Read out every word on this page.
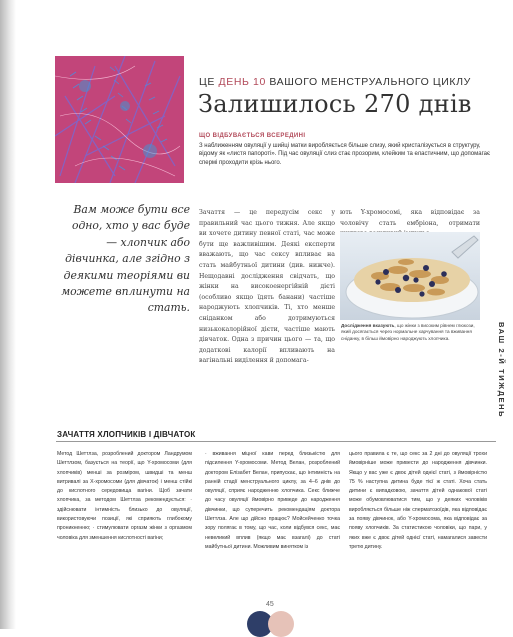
ЦЕ ДЕНЬ 10 ВАШОГО МЕНСТРУАЛЬНОГО ЦИКЛУ
Залишилось 270 днів
ЩО ВІДБУВАЄТЬСЯ ВСЕРЕДИНІ
З наближенням овуляції у шийці матки виробляється більше слизу, який кристалізується в структуру, відому як «листя папороті». Під час овуляції слиз стає прозорим, клейким та еластичним, що допомагає спермі проходити крізь нього.
Вам може бути все одно, хто у вас буде — хлопчик або дівчинка, але згідно з деякими теоріями ви можете вплинути на стать.
Зачаття — це передусім секс у правильний час цього тижня. Але якщо ви хочете дитину певної статі, час може бути ще важливішим. Деякі експерти вважають, що час сексу впливає на стать майбутньої дитини (див. нижче). Нещодавні дослідження свідчать, що жінки на високоенергійній дієті (особливо якщо їдять банани) частіше народжують хлопчиків. Ті, хто менше сніданком або дотримуються низькокалорійної дієти, частіше мають дівчаток. Одна з причин цього — та, що додаткові калорії впливають на вагінальні виділення й допомага-
ють Y-хромосомі, яка відповідає за чоловічу стать ембріона, отримати
Дослідження вказують, що жінки з високим рівнем глюкози, який досягається через нормальне харчування та вживання сніданку, в більш ймовірно народжують хлопчика.	ВАШ 2-Й ТИЖДЕНЬ
ЗАЧАТТЯ ХЛОПЧИКІВ І ДІВЧАТОК
Метод Шеттлза, розроблений доктором Ландрумом Шеттлзом, базується на теорії, що Y-хромосоми (для хлопчиків) менші за розміром, швидші та менш витривалі за X-хромосоми (для дівчаток) і менш стійкі до кислотного середовища вагіни. Щоб зачати хлопчика, за методом Шеттлза рекомендується: · здійснювати інтимність близько до овуляції, використовуючи позиції, які сприяють глибокому проникненню; · стимулювати оргазм жінки з оргазмом чоловіка для зменшення кислотності вагіни;
· вживання міцної кави перед близькістю для підсилення Y-хромосоми. Метод Велан, розроблений доктором Елізабет Велан, припускає, що інтимність на ранній стадії менструального циклу, за 4–6 днів до овуляції, сприяє народженню хлопчика. Секс ближче до часу овуляції ймовірно приведе до народження дівчинки, що суперечить рекомендаціям доктора Шеттлза. Але що дійсно працює? Мойсейченко точка зору полягає в тому, що час, коли відбувся секс, має невеликий вплив (якщо має взагалі) до статі майбутньої дитини. Можливим винятком із
цього правила є те, що секс за 2 дні до овуляції трохи ймовірніше може привести до народження дівчинки. Якщо у вас уже є двоє дітей однієї статі, з ймовірністю 75 % наступна дитина буде тієї ж статі. Хоча стать дитини є випадковою, зачаття дітей однакової статі може обумовлюватися тим, що у деяких чоловіків виробляється більше ніж сперматозоїдів, яка відповідає за появу дівчинок, або Y-хромосома, яка відповідає за появу хлопчиків. За статистикою чоловіки, що пари, у яких вже є двоє дітей однієї статі, намагалися завести третю дитину.
45
